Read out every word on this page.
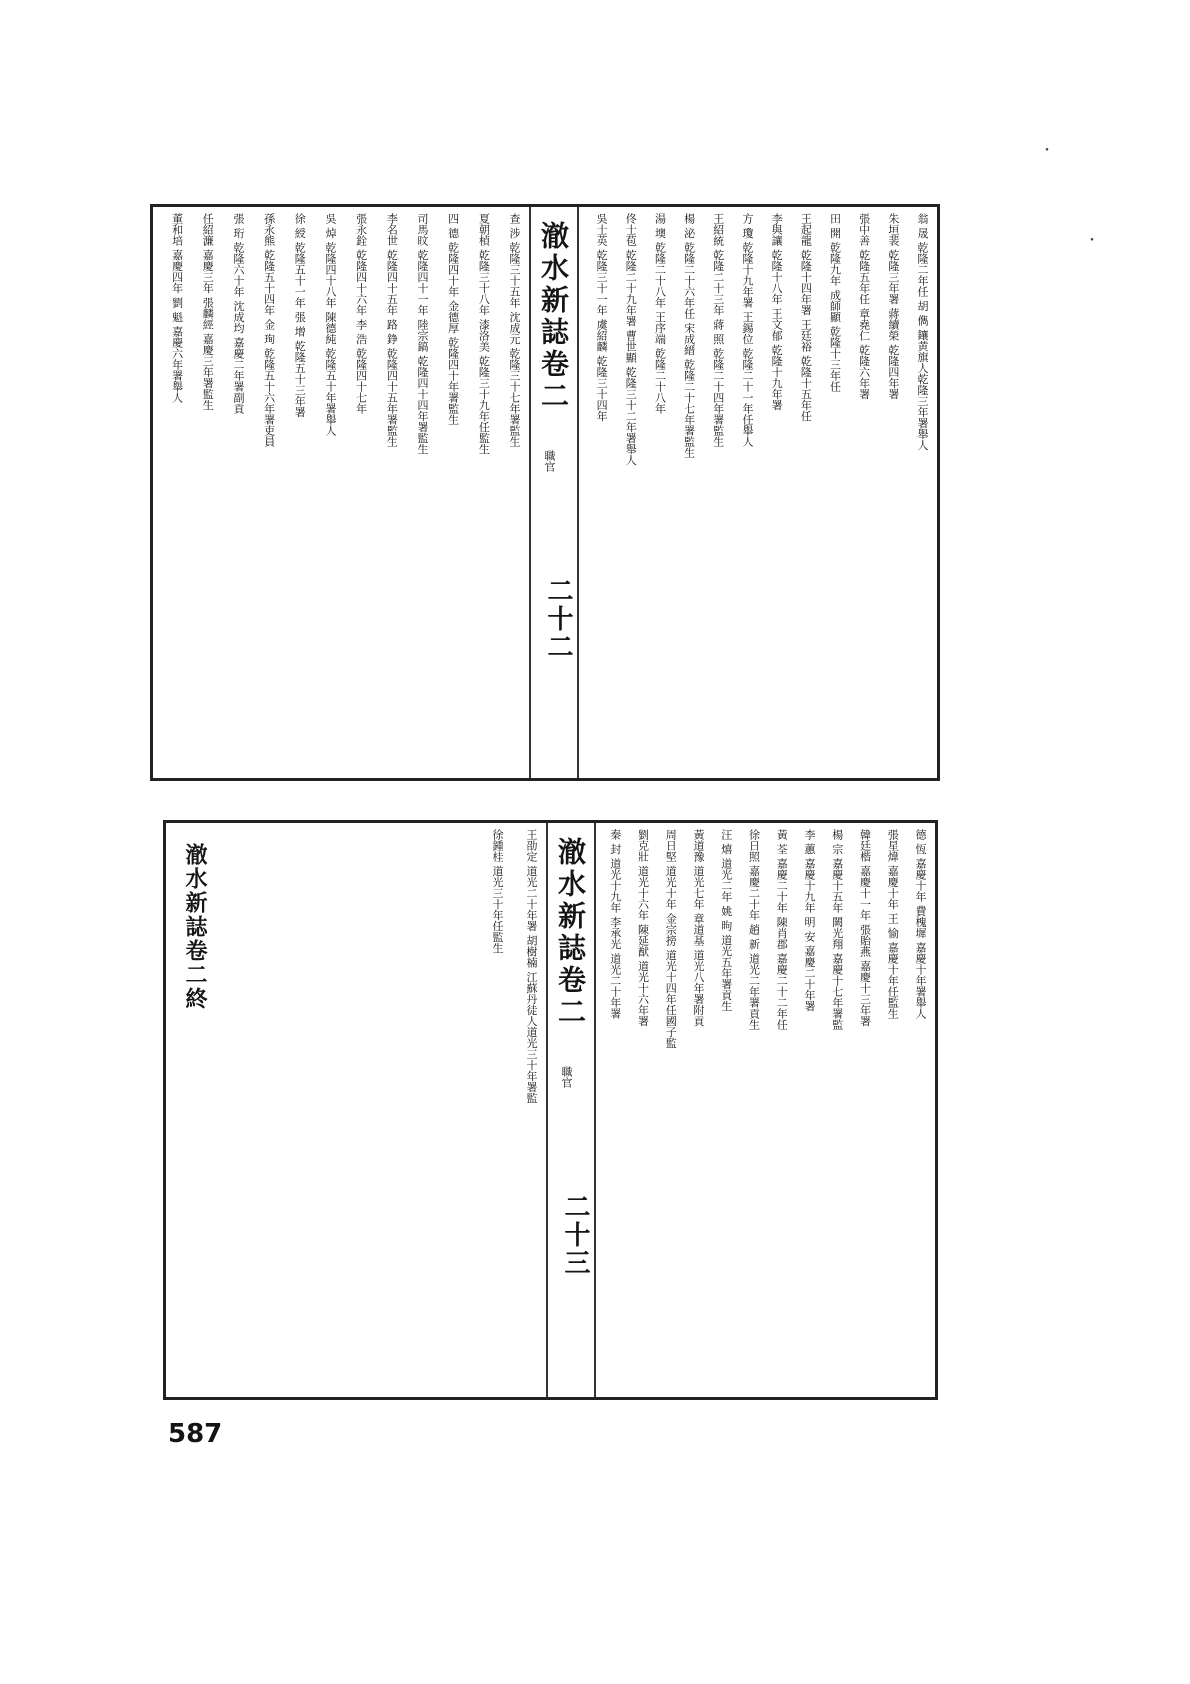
翁 晟 乾隆二年任 胡 儁 鑲黄旗人乾隆三年署舉人
朱垣裴 乾隆三年署 蔣續榮 乾隆四年署
張中善 乾隆五年任 章堯仁 乾隆六年署
田 開 乾隆九年 成師顯 乾隆十三年任
王起龍 乾隆十四年署 王廷裕 乾隆十五年任
李與讓 乾隆十八年 王文郁 乾隆十九年署
方 瓊 乾隆十九年署 王錫位 乾隆二十一年任舉人
王紹統 乾隆二十三年 蔣 照 乾隆二十四年署監生
楊 泌 乾隆二十六年任 宋成縉 乾隆二十七年署監生
湯 墺 乾隆二十八年 王序端 乾隆二十八年
佟士苞 乾隆二十九年署 曹世顯 乾隆三十二年署舉人
吳士英 乾隆三十一年 虞紹麟 乾隆三十四年
澈水新誌卷二
職官
二十二
查 涉 乾隆三十五年 沈成元 乾隆三十七年署監生
夏朝楨 乾隆三十八年 漆洛美 乾隆三十九年任監生
四 德 乾隆四十年 金德厚 乾隆四十年署監生
司馬旼 乾隆四十一年 陸宗鎬 乾隆四十四年署監生
李名世 乾隆四十五年 路 錚 乾隆四十五年署監生
張永銓 乾隆四十六年 李 浩 乾隆四十七年
吳 焯 乾隆四十八年 陳德純 乾隆五十年署舉人
徐 綬 乾隆五十一年 張 增 乾隆五十三年署
孫永熊 乾隆五十四年 金 珣 乾隆五十六年署吏員
張 珩 乾隆六十年 沈成均 嘉慶二年署副貢
任紹濂 嘉慶三年 張麟經 嘉慶三年署監生
董和培 嘉慶四年 劉 魁 嘉慶六年署舉人
德 恆 嘉慶十年 費槐墀 嘉慶十年署舉人
張星煒 嘉慶十年 王 愉 嘉慶十年任監生
韓廷楷 嘉慶十一年 張貽燕 嘉慶十三年署
楊 宗 嘉慶十五年 闕光翔 嘉慶十七年署監
李 蕙 嘉慶十九年 明 安 嘉慶二十年署
黃 荃 嘉慶二十年 陳肖郡 嘉慶二十二年任
徐日照 嘉慶二十年 趙 新 道光二年署貢生
汪 熺 道光二年 姚 昫 道光五年署貢生
黃道豫 道光七年 章道基 道光八年署附貢
周日堅 道光十年 金宗搒 道光十四年任國子監
劉克壯 道光十六年 陳延猷 道光十六年署
秦 封 道光十九年 李承光 道光二十年署
澈水新誌卷二
職官
二十三
王劭定 道光二十年署 胡樹楠 江蘇丹徒人道光三十年署監
徐鍾桂 道光三十年任監生
澈水新誌卷二終
587
・
・
